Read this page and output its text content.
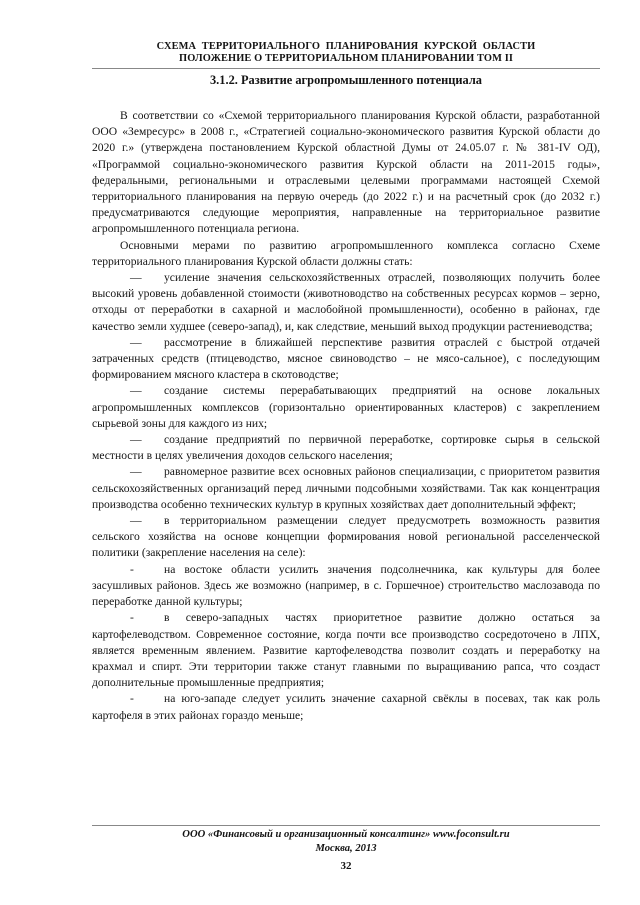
СХЕМА ТЕРРИТОРИАЛЬНОГО ПЛАНИРОВАНИЯ КУРСКОЙ ОБЛАСТИ
ПОЛОЖЕНИЕ О ТЕРРИТОРИАЛЬНОМ ПЛАНИРОВАНИИ ТОМ II
3.1.2. Развитие агропромышленного потенциала

В соответствии со «Схемой территориального планирования Курской области, разработанной ООО «Земресурс» в 2008 г., «Стратегией социально-экономического развития Курской области до 2020 г.» (утверждена постановлением Курской областной Думы от 24.05.07 г. № 381-IV ОД), «Программой социально-экономического развития Курской области на 2011-2015 годы», федеральными, региональными и отраслевыми целевыми программами настоящей Схемой территориального планирования на первую очередь (до 2022 г.) и на расчетный срок (до 2032 г.) предусматриваются следующие мероприятия, направленные на территориальное развитие агропромышленного потенциала региона.

Основными мерами по развитию агропромышленного комплекса согласно Схеме территориального планирования Курской области должны стать:

— усиление значения сельскохозяйственных отраслей, позволяющих получить более высокий уровень добавленной стоимости (животноводство на собственных ресурсах кормов – зерно, отходы от переработки в сахарной и маслобойной промышленности), особенно в районах, где качество земли худшее (северо-запад), и, как следствие, меньший выход продукции растениеводства;
— рассмотрение в ближайшей перспективе развития отраслей с быстрой отдачей затраченных средств (птицеводство, мясное свиноводство – не мясо-сальное), с последующим формированием мясного кластера в скотоводстве;
— создание системы перерабатывающих предприятий на основе локальных агропромышленных комплексов (горизонтально ориентированных кластеров) с закреплением сырьевой зоны для каждого из них;
— создание предприятий по первичной переработке, сортировке сырья в сельской местности в целях увеличения доходов сельского населения;
— равномерное развитие всех основных районов специализации, с приоритетом развития сельскохозяйственных организаций перед личными подсобными хозяйствами. Так как концентрация производства особенно технических культур в крупных хозяйствах дает дополнительный эффект;
— в территориальном размещении следует предусмотреть возможность развития сельского хозяйства на основе концепции формирования новой региональной расселенческой политики (закрепление населения на селе):
-	на востоке области усилить значения подсолнечника, как культуры для более засушливых районов. Здесь же возможно (например, в с. Горшечное) строительство маслозавода по переработке данной культуры;
-	в северо-западных частях приоритетное развитие должно остаться за картофелеводством. Современное состояние, когда почти все производство сосредоточено в ЛПХ, является временным явлением. Развитие картофелеводства позволит создать и переработку на крахмал и спирт. Эти территории также станут главными по выращиванию рапса, что создаст дополнительные промышленные предприятия;
-	на юго-западе следует усилить значение сахарной свёклы в посевах, так как роль картофеля в этих районах гораздо меньше;
ООО «Финансовый и организационный консалтинг» www.foconsult.ru
Москва, 2013
32
